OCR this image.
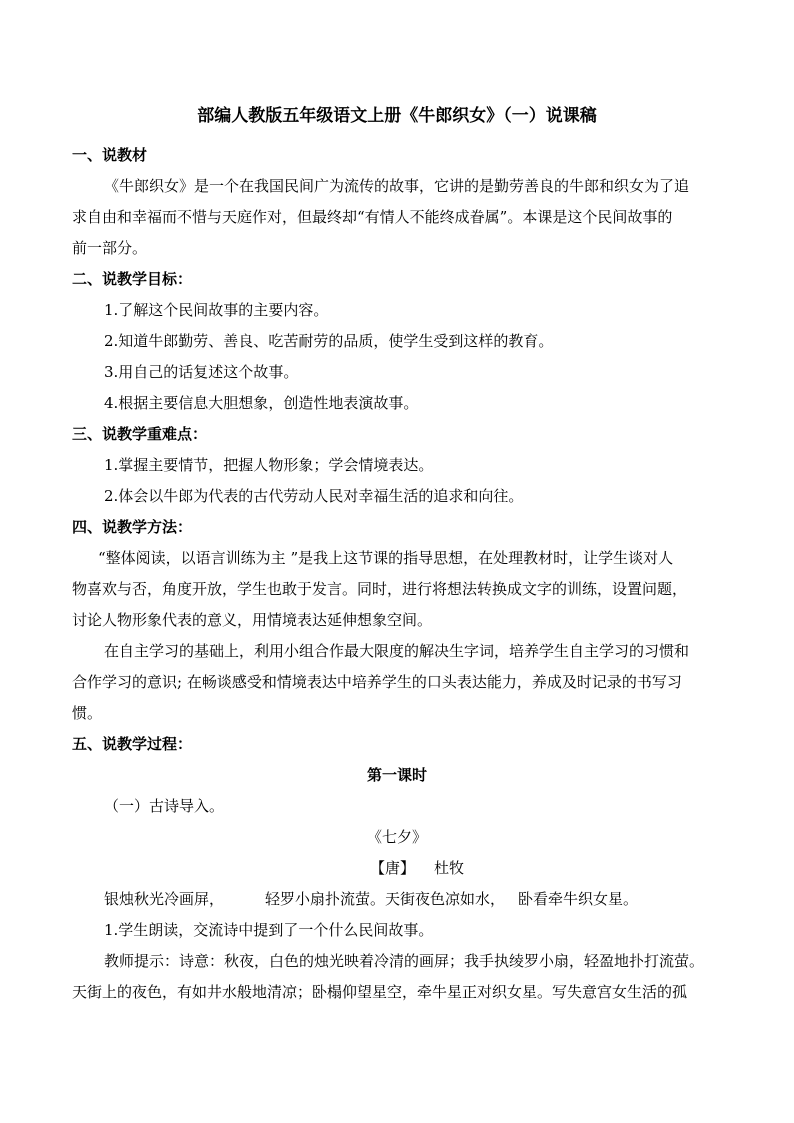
部编人教版五年级语文上册《牛郎织女》（一）说课稿
一、说教材
《牛郎织女》是一个在我国民间广为流传的故事，它讲的是勤劳善良的牛郎和织女为了追
求自由和幸福而不惜与天庭作对，但最终却“有情人不能终成眷属”。本课是这个民间故事的
前一部分。
二、说教学目标：
1.了解这个民间故事的主要内容。
2.知道牛郎勤劳、善良、吃苦耐劳的品质，使学生受到这样的教育。
3.用自己的话复述这个故事。
4.根据主要信息大胆想象，创造性地表演故事。
三、说教学重难点：
1.掌握主要情节，把握人物形象；学会情境表达。
2.体会以牛郎为代表的古代劳动人民对幸福生活的追求和向往。
四、说教学方法：
“整体阅读，以语言训练为主 ”是我上这节课的指导思想，在处理教材时，让学生谈对人
物喜欢与否，角度开放，学生也敢于发言。同时，进行将想法转换成文字的训练，设置问题，
讨论人物形象代表的意义，用情境表达延伸想象空间。
在自主学习的基础上，利用小组合作最大限度的解决生字词，培养学生自主学习的习惯和
合作学习的意识; 在畅谈感受和情境表达中培养学生的口头表达能力，养成及时记录的书写习
惯。
五、说教学过程：
第一课时
（一）古诗导入。
《七夕》
【唐】 杜牧
银烛秋光冷画屏，	轻罗小扇扑流萤。天街夜色凉如水， 卧看牵牛织女星。
1.学生朗读，交流诗中提到了一个什么民间故事。
教师提示：诗意：秋夜，白色的烛光映着冷清的画屏；我手执绫罗小扇，轻盈地扑打流萤。
天街上的夜色，有如井水般地清凉；卧榻仰望星空，牵牛星正对织女星。写失意宫女生活的孤
